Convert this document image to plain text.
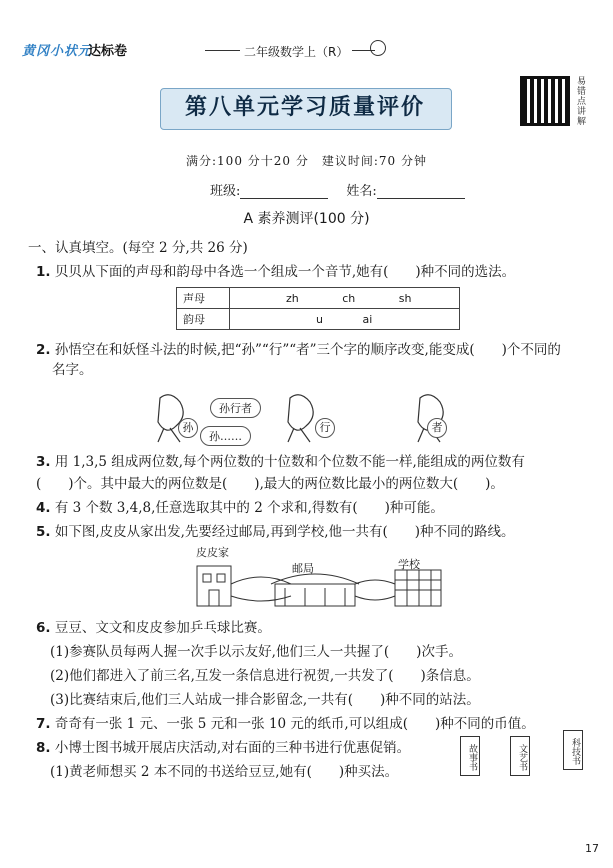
黄冈小状元
达标卷	二年级数学上（R）
易错点讲解
第八单元学习质量评价
满分:100 分十20 分　建议时间:70 分钟
班级:	姓名:
A 素养测评(100 分)
一、认真填空。(每空 2 分,共 26 分)
1. 贝贝从下面的声母和韵母中各选一个组成一个音节,她有(　　)种不同的选法。
声母	zh ch sh
韵母	u ai
2. 孙悟空在和妖怪斗法的时候,把“孙”“行”“者”三个字的顺序改变,能变成(　　)个不同的
名字。
孙行者
孙……
孙	行	者
3. 用 1,3,5 组成两位数,每个两位数的十位数和个位数不能一样,能组成的两位数有
(　　)个。其中最大的两位数是(　　),最大的两位数比最小的两位数大(　　)。
4. 有 3 个数 3,4,8,任意选取其中的 2 个求和,得数有(　　)种可能。
5. 如下图,皮皮从家出发,先要经过邮局,再到学校,他一共有(　　)种不同的路线。
皮皮家
邮局	学校
6. 豆豆、文文和皮皮参加乒乓球比赛。
(1)参赛队员每两人握一次手以示友好,他们三人一共握了(　　)次手。
(2)他们都进入了前三名,互发一条信息进行祝贺,一共发了(　　)条信息。
(3)比赛结束后,他们三人站成一排合影留念,一共有(　　)种不同的站法。
7. 奇奇有一张 1 元、一张 5 元和一张 10 元的纸币,可以组成(　　)种不同的币值。
8. 小博士图书城开展店庆活动,对右面的三种书进行优惠促销。
(1)黄老师想买 2 本不同的书送给豆豆,她有(　　)种买法。
故事书	文艺书	科技书
17
